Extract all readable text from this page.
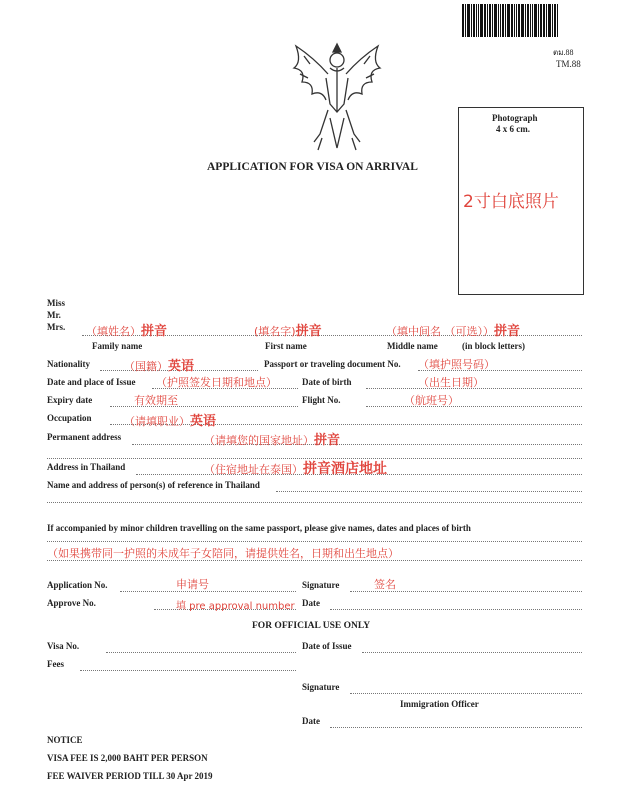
ตม.88
TM.88
APPLICATION FOR VISA ON ARRIVAL
Photograph
4 x 6 cm.
2寸白底照片
Miss
Mr.
Mrs. （填姓名）拼音	(填名字)拼音	（填中间名 （可选））拼音
Family name	First name	Middle name	(in block letters)
Nationality	（国籍）英语	Passport or traveling document No. （填护照号码）
Date and place of Issue （护照签发日期和地点）	Date of birth	（出生日期）
Expiry date	有效期至	Flight No.	（航班号）
Occupation	（请填职业）英语
Permanent address	（请填您的国家地址）拼音
Address in Thailand	（住宿地址在泰国）拼音酒店地址
Name and address of person(s) of reference in Thailand
If accompanied by minor children travelling on the same passport, please give names, dates and places of birth
（如果携带同一护照的未成年子女陪同，请提供姓名，日期和出生地点）
Application No.	申请号	Signature	签名
Approve No.	填 pre approval number Date
FOR OFFICIAL USE ONLY
Visa No.	Date of Issue
Fees
Signature
Immigration Officer
Date
NOTICE
VISA FEE IS 2,000 BAHT PER PERSON
FEE WAIVER PERIOD TILL 30 Apr 2019
